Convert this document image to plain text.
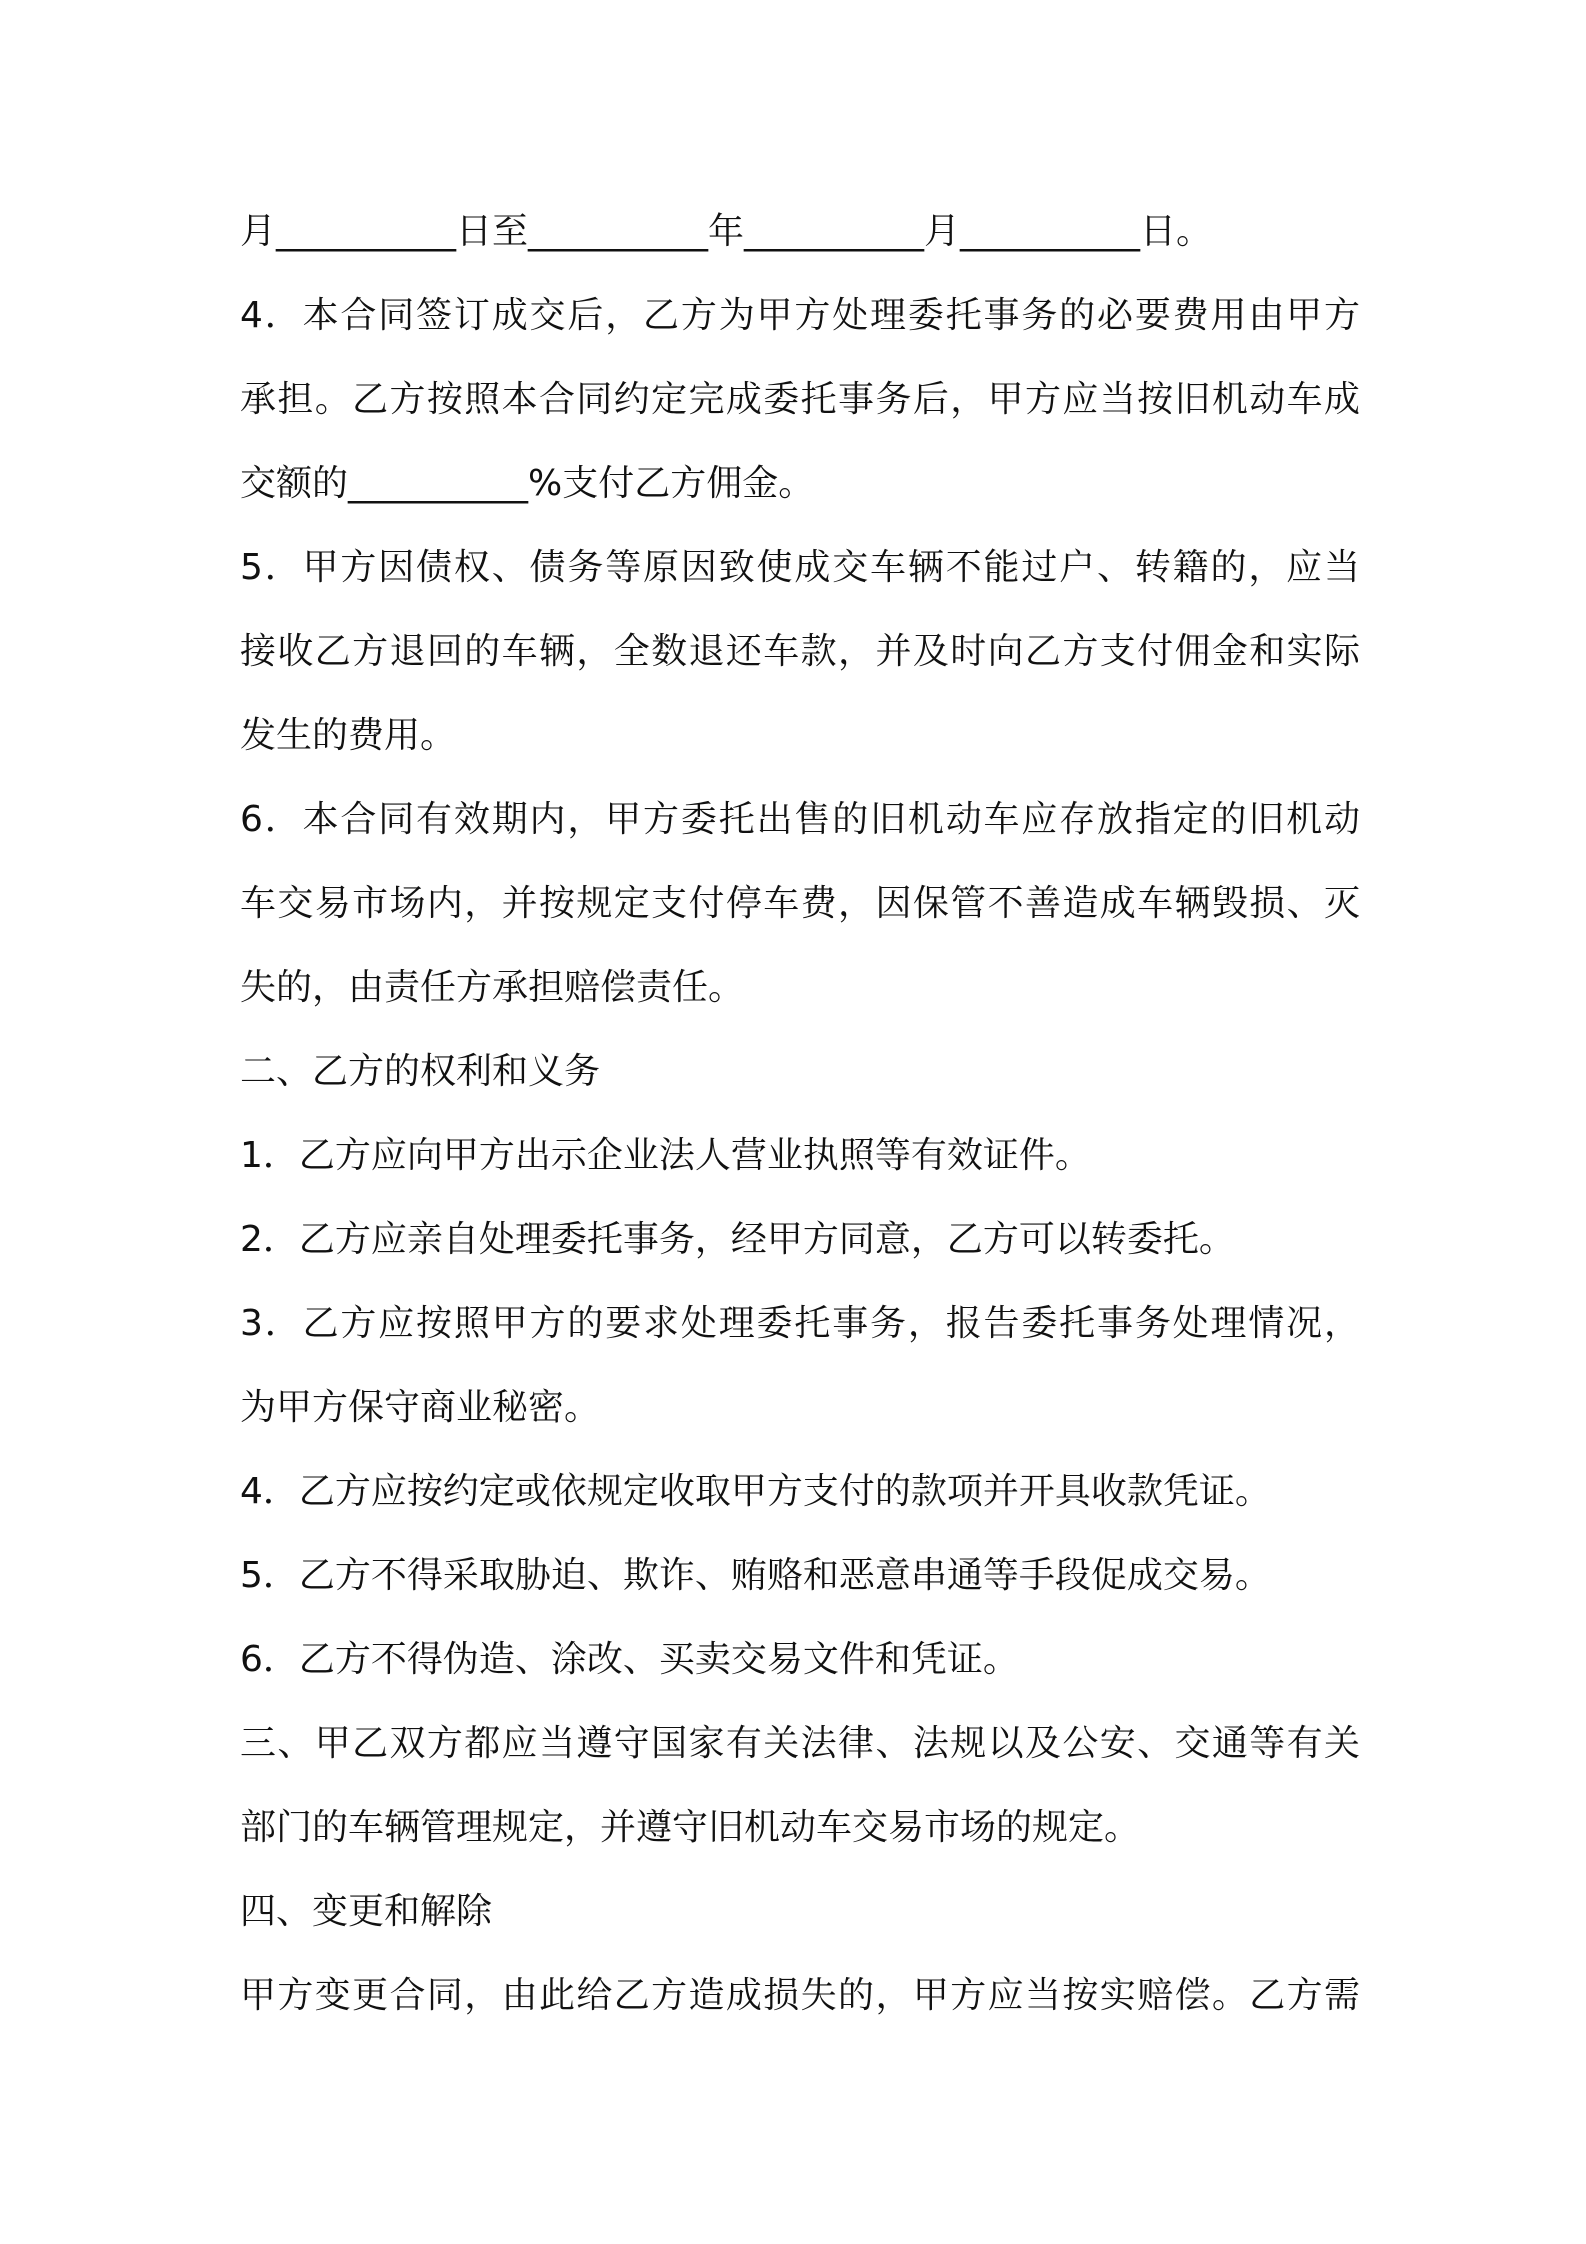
月__________日至__________年__________月__________日。
4．本合同签订成交后，乙方为甲方处理委托事务的必要费用由甲方
承担。乙方按照本合同约定完成委托事务后，甲方应当按旧机动车成
交额的__________%支付乙方佣金。
5．甲方因债权、债务等原因致使成交车辆不能过户、转籍的，应当
接收乙方退回的车辆，全数退还车款，并及时向乙方支付佣金和实际
发生的费用。
6．本合同有效期内，甲方委托出售的旧机动车应存放指定的旧机动
车交易市场内，并按规定支付停车费，因保管不善造成车辆毁损、灭
失的，由责任方承担赔偿责任。
二、乙方的权利和义务
1．乙方应向甲方出示企业法人营业执照等有效证件。
2．乙方应亲自处理委托事务，经甲方同意，乙方可以转委托。
3．乙方应按照甲方的要求处理委托事务，报告委托事务处理情况，
为甲方保守商业秘密。
4．乙方应按约定或依规定收取甲方支付的款项并开具收款凭证。
5．乙方不得采取胁迫、欺诈、贿赂和恶意串通等手段促成交易。
6．乙方不得伪造、涂改、买卖交易文件和凭证。
三、甲乙双方都应当遵守国家有关法律、法规以及公安、交通等有关
部门的车辆管理规定，并遵守旧机动车交易市场的规定。
四、变更和解除
甲方变更合同，由此给乙方造成损失的，甲方应当按实赔偿。乙方需
